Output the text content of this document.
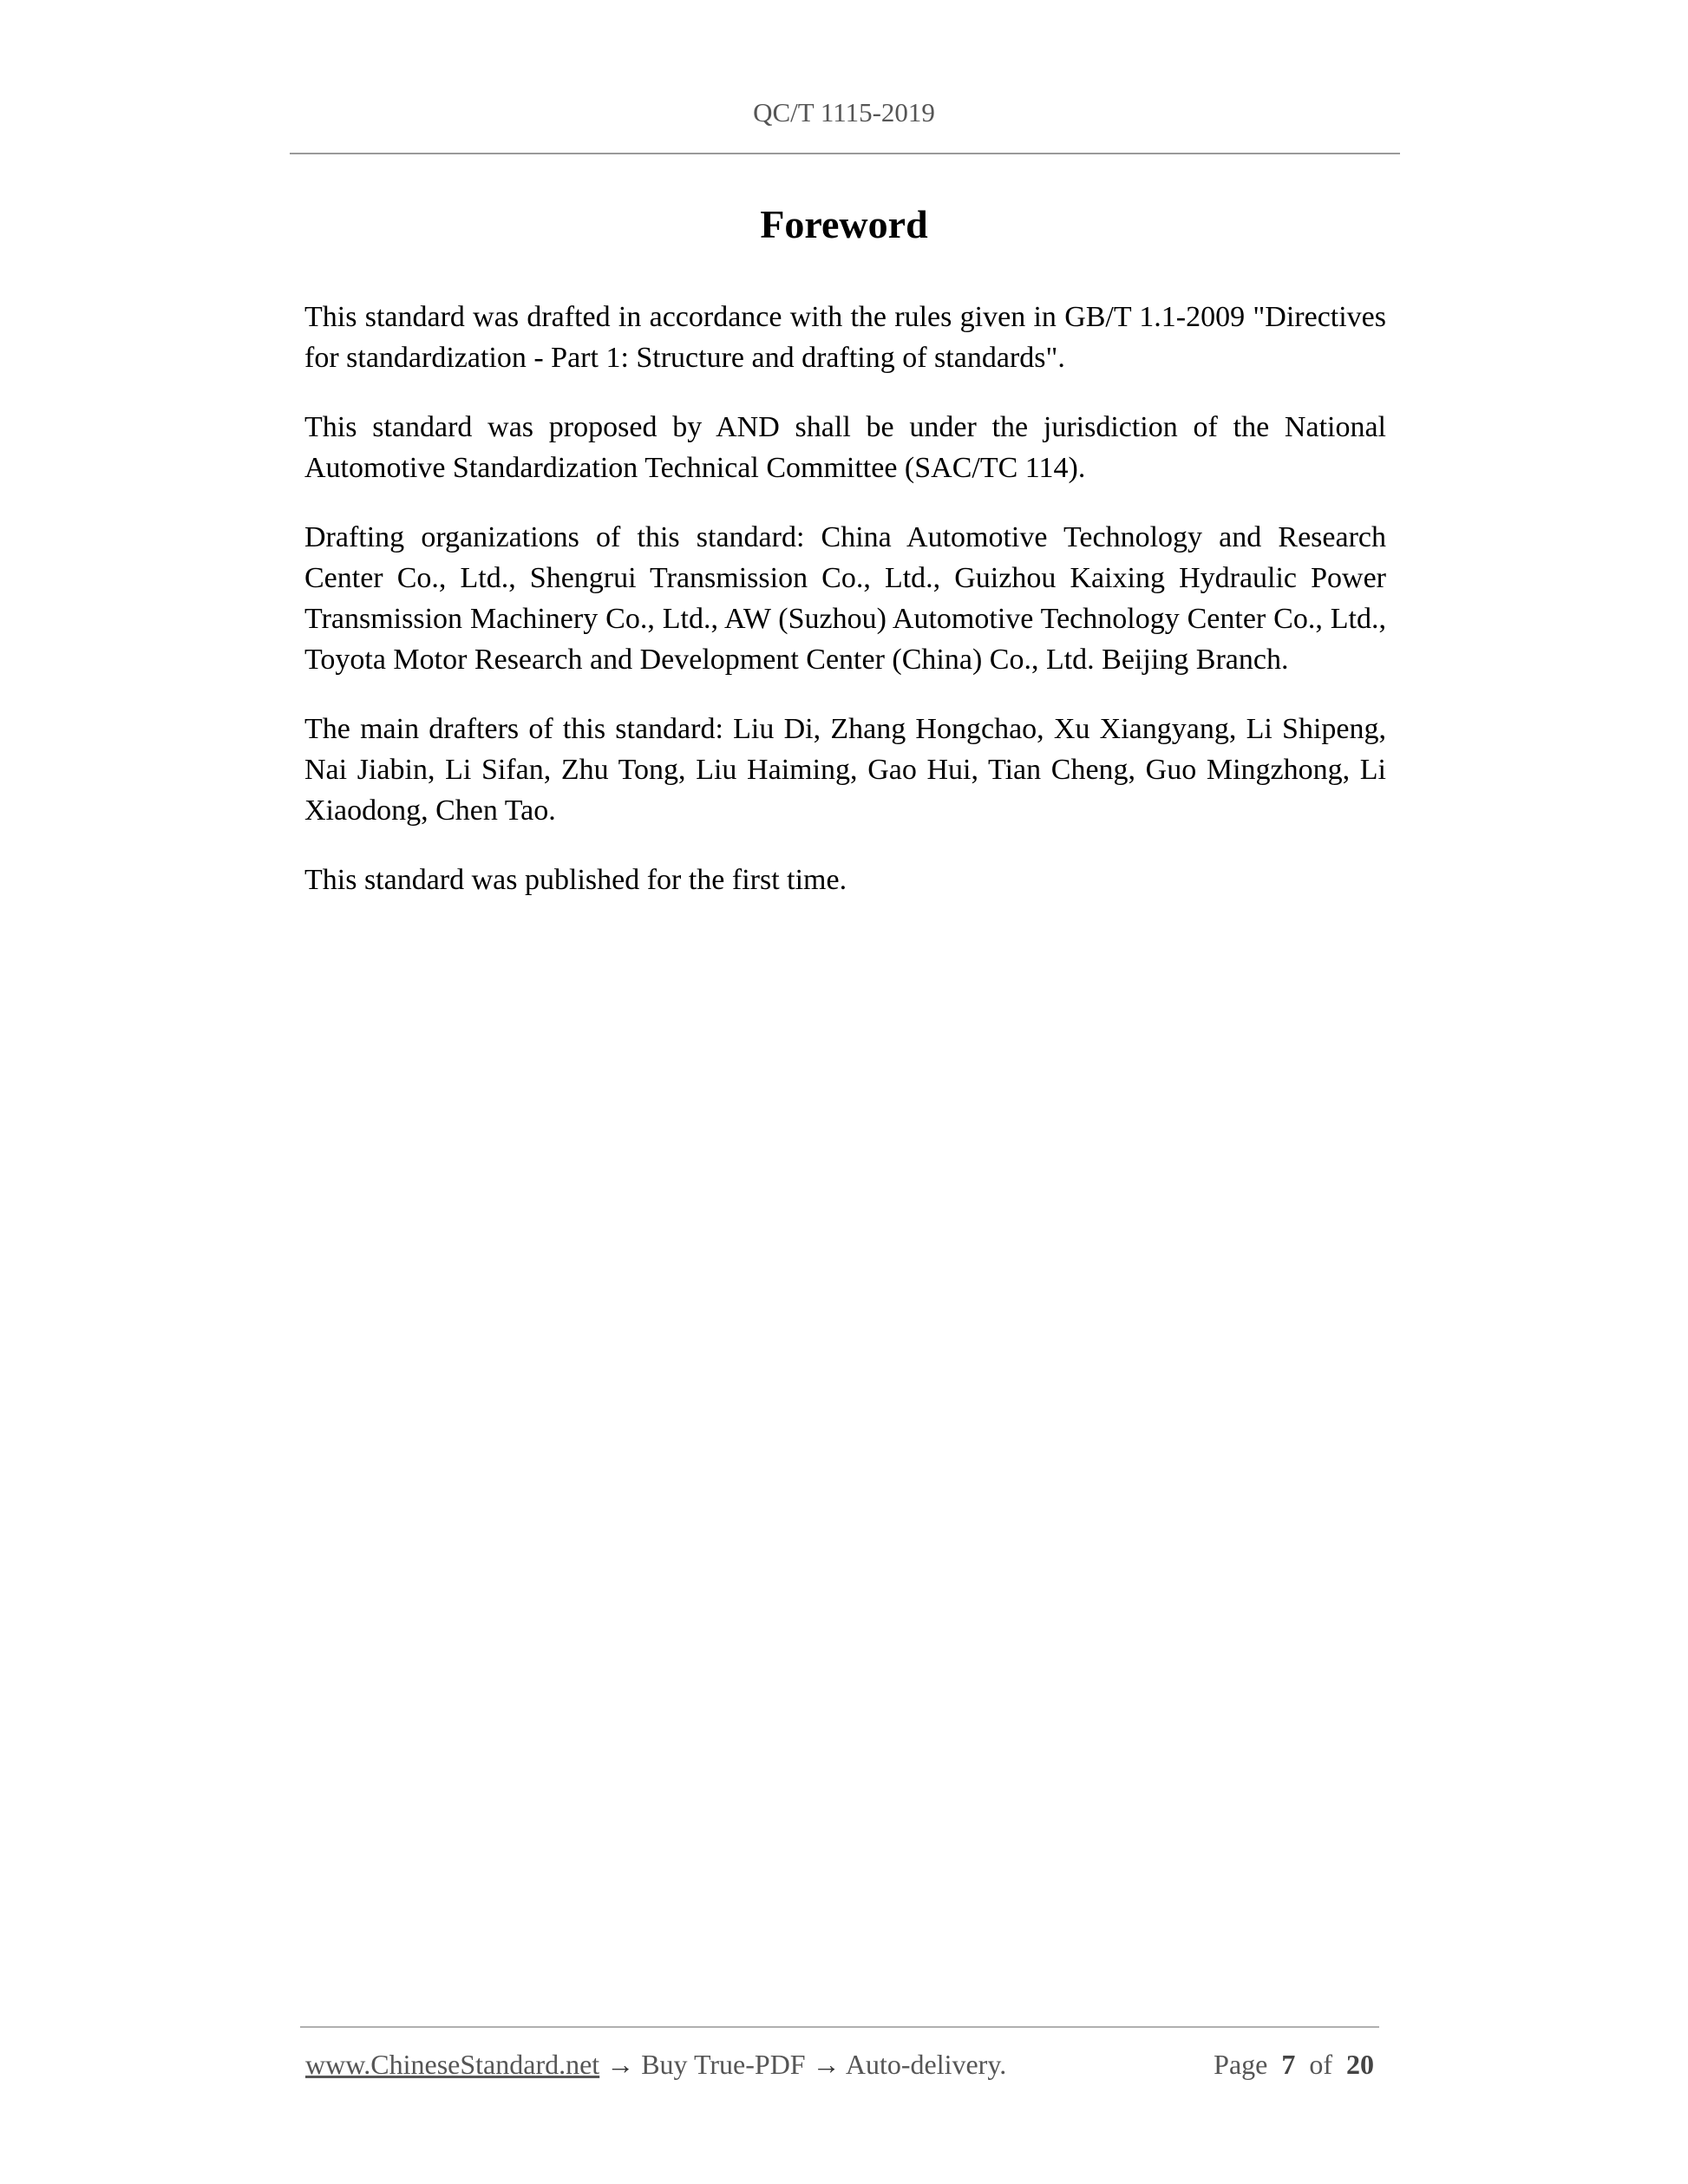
QC/T 1115-2019
Foreword

This standard was drafted in accordance with the rules given in GB/T 1.1-2009 "Directives for standardization - Part 1: Structure and drafting of standards".

This standard was proposed by AND shall be under the jurisdiction of the National Automotive Standardization Technical Committee (SAC/TC 114).

Drafting organizations of this standard: China Automotive Technology and Research Center Co., Ltd., Shengrui Transmission Co., Ltd., Guizhou Kaixing Hydraulic Power Transmission Machinery Co., Ltd., AW (Suzhou) Automotive Technology Center Co., Ltd., Toyota Motor Research and Development Center (China) Co., Ltd. Beijing Branch.

The main drafters of this standard: Liu Di, Zhang Hongchao, Xu Xiangyang, Li Shipeng, Nai Jiabin, Li Sifan, Zhu Tong, Liu Haiming, Gao Hui, Tian Cheng, Guo Mingzhong, Li Xiaodong, Chen Tao.

This standard was published for the first time.

www.ChineseStandard.net → Buy True-PDF → Auto-delivery.	Page 7 of 20
